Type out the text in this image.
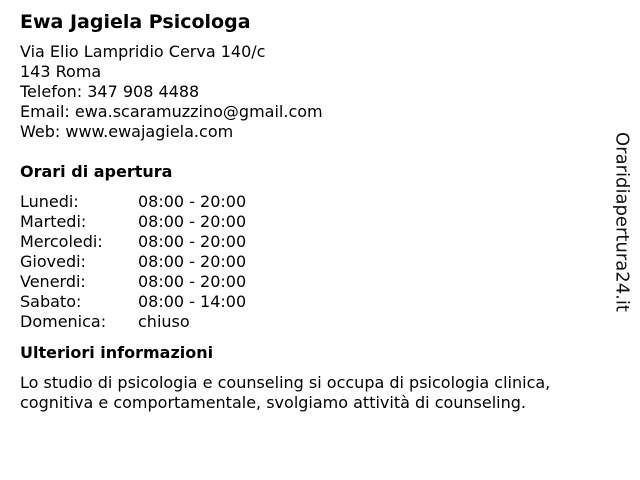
Ewa Jagiela Psicologa
Via Elio Lampridio Cerva 140/c
143 Roma
Telefon: 347 908 4488
Email: ewa.scaramuzzino@gmail.com
Web: www.ewajagiela.com
Orari di apertura
Lunedi:	08:00 - 20:00
Martedi:	08:00 - 20:00
Mercoledi:	08:00 - 20:00
Giovedi:	08:00 - 20:00
Venerdi:	08:00 - 20:00
Sabato:	08:00 - 14:00
Domenica:	chiuso
Ulteriori informazioni

Lo studio di psicologia e counseling si occupa di psicologia clinica, cognitiva e comportamentale, svolgiamo attività di counseling.

Oraridiapertura24.it
